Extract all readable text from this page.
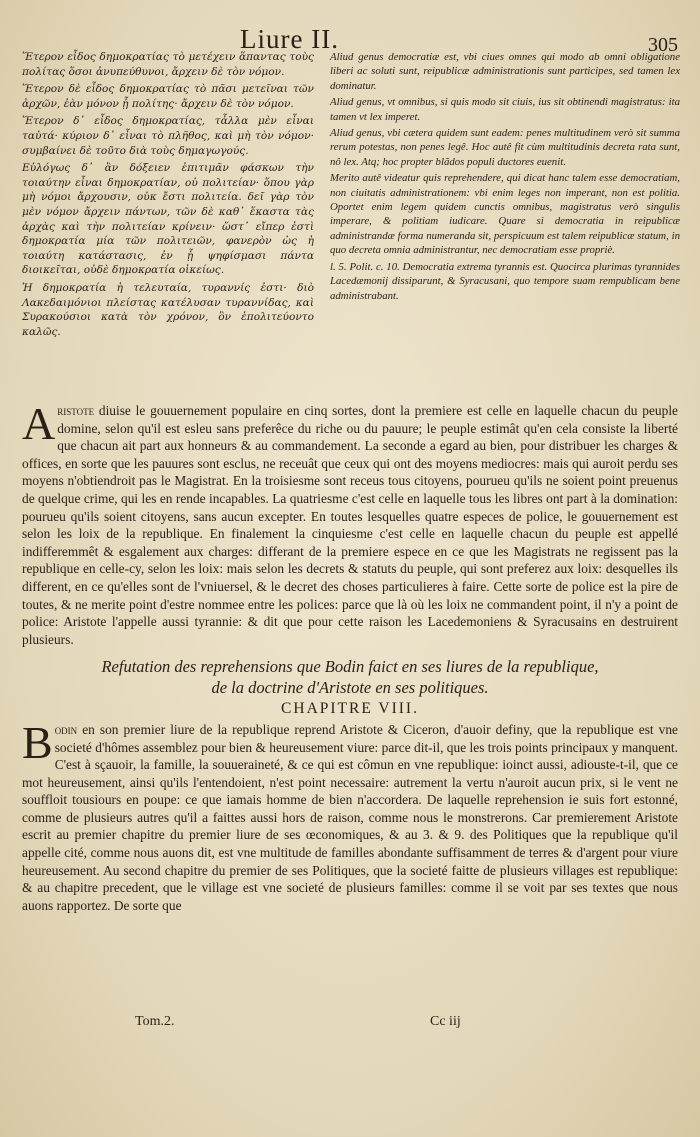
Liure II.	305

Ἕτερον εἶδος δημοκρατίας τὸ μετέχειν ἅπαντας τοὺς πολίτας ὅσοι ἀνυπεύθυνοι, ἄρχειν δὲ τὸν νόμον.

Ἕτερον δὲ εἶδος δημοκρατίας τὸ πᾶσι μετεῖναι τῶν ἀρχῶν, ἐὰν μόνον ᾖ πολίτης· ἄρχειν δὲ τὸν νόμον.

Ἕτερον δ᾽ εἶδος δημοκρατίας, τἆλλα μὲν εἶναι ταὐτά· κύριον δ᾽ εἶναι τὸ πλῆθος, καὶ μὴ τὸν νόμον· συμβαίνει δὲ τοῦτο διὰ τοὺς δημαγωγούς.

Εὐλόγως δ᾽ ἂν δόξειεν ἐπιτιμᾶν φάσκων τὴν τοιαύτην εἶναι δημοκρατίαν, οὐ πολιτείαν· ὅπου γὰρ μὴ νόμοι ἄρχουσιν, οὐκ ἔστι πολιτεία. δεῖ γὰρ τὸν μὲν νόμον ἄρχειν πάντων, τῶν δὲ καθ᾽ ἕκαστα τὰς ἀρχὰς καὶ τὴν πολιτείαν κρίνειν· ὥστ᾽ εἴπερ ἐστὶ δημοκρατία μία τῶν πολιτειῶν, φανερὸν ὡς ἡ τοιαύτη κατάστασις, ἐν ᾗ ψηφίσμασι πάντα διοικεῖται, οὐδὲ δημοκρατία οἰκείως.

Ἡ δημοκρατία ἡ τελευταία, τυραννίς ἐστι· διὸ Λακεδαιμόνιοι πλείστας κατέλυσαν τυραννίδας, καὶ Συρακούσιοι κατὰ τὸν χρόνον, ὃν ἐπολιτεύοντο καλῶς.

Aliud genus democratiæ est, vbi ciues omnes qui modo ab omni obligatione liberi ac soluti sunt, reipublicæ administrationis sunt participes, sed tamen lex dominatur.

Aliud genus, vt omnibus, si quis modo sit ciuis, ius sit obtinendi magistratus: ita tamen vt lex imperet.

Aliud genus, vbi cætera quidem sunt eadem: penes multitudinem verò sit summa rerum potestas, non penes legê. Hoc autê fit cùm multitudinis decreta rata sunt, nô lex. Atq; hoc propter blãdos populi ductores euenit.

Merito autê videatur quis reprehendere, qui dicat hanc talem esse democratiam, non ciuitatis administrationem: vbi enim leges non imperant, non est politia. Oportet enim legem quidem cunctis omnibus, magistratus verò singulis imperare, & politiam iudicare. Quare si democratia in reipublicæ administrandæ forma numeranda sit, perspicuum est talem reipublicæ statum, in quo decreta omnia administrantur, nec democratiam esse propriè.

l. 5. Polit. c. 10. Democratia extrema tyrannis est. Quocirca plurimas tyrannides Lacedæmonij dissiparunt, & Syracusani, quo tempore suam rempublicam bene administrabant.

Aristote diuise le gouuernement populaire en cinq sortes, dont la premiere est celle en laquelle chacun du peuple domine, selon qu'il est esleu sans preferêce du riche ou du pauure; le peuple estimât qu'en cela consiste la liberté que chacun ait part aux honneurs & au commandement. La seconde a egard au bien, pour distribuer les charges & offices, en sorte que les pauures sont esclus, ne receuât que ceux qui ont des moyens mediocres: mais qui auroit perdu ses moyens n'obtiendroit pas le Magistrat. En la troisiesme sont receus tous citoyens, pourueu qu'ils ne soient point preuenus de quelque crime, qui les en rende incapables. La quatriesme c'est celle en laquelle tous les libres ont part à la domination: pourueu qu'ils soient citoyens, sans aucun excepter. En toutes lesquelles quatre especes de police, le gouuernement est selon les loix de la republique. En finalement la cinquiesme c'est celle en laquelle chacun du peuple est appellé indifferemmêt & esgalement aux charges: differant de la premiere espece en ce que les Magistrats ne regissent pas la republique en celle-cy, selon les loix: mais selon les decrets & statuts du peuple, qui sont preferez aux loix: desquelles ils different, en ce qu'elles sont de l'vniuersel, & le decret des choses particulieres à faire. Cette sorte de police est la pire de toutes, & ne merite point d'estre nommee entre les polices: parce que là où les loix ne commandent point, il n'y a point de police: Aristote l'appelle aussi tyrannie: & dit que pour cette raison les Lacedemoniens & Syracusains en destruirent plusieurs.

Refutation des reprehensions que Bodin faict en ses liures de la republique,
de la doctrine d'Aristote en ses politiques.
CHAPITRE VIII.

Bodin en son premier liure de la republique reprend Aristote & Ciceron, d'auoir definy, que la republique est vne societé d'hômes assemblez pour bien & heureusement viure: parce dit-il, que les trois points principaux y manquent. C'est à sçauoir, la famille, la souueraineté, & ce qui est cômun en vne republique: ioinct aussi, adiouste-t-il, que ce mot heureusement, ainsi qu'ils l'entendoient, n'est point necessaire: autrement la vertu n'auroit aucun prix, si le vent ne souffloit tousiours en poupe: ce que iamais homme de bien n'accordera. De laquelle reprehension ie suis fort estonné, comme de plusieurs autres qu'il a faittes aussi hors de raison, comme nous le monstrerons. Car premierement Aristote escrit au premier chapitre du premier liure de ses œconomiques, & au 3. & 9. des Politiques que la republique qu'il appelle cité, comme nous auons dit, est vne multitude de familles abondante suffisamment de terres & d'argent pour viure heureusement. Au second chapitre du premier de ses Politiques, que la societé faitte de plusieurs villages est republique: & au chapitre precedent, que le village est vne societé de plusieurs familles: comme il se voit par ses textes que nous auons rapportez. De sorte que

Tom.2.	Cc iij
